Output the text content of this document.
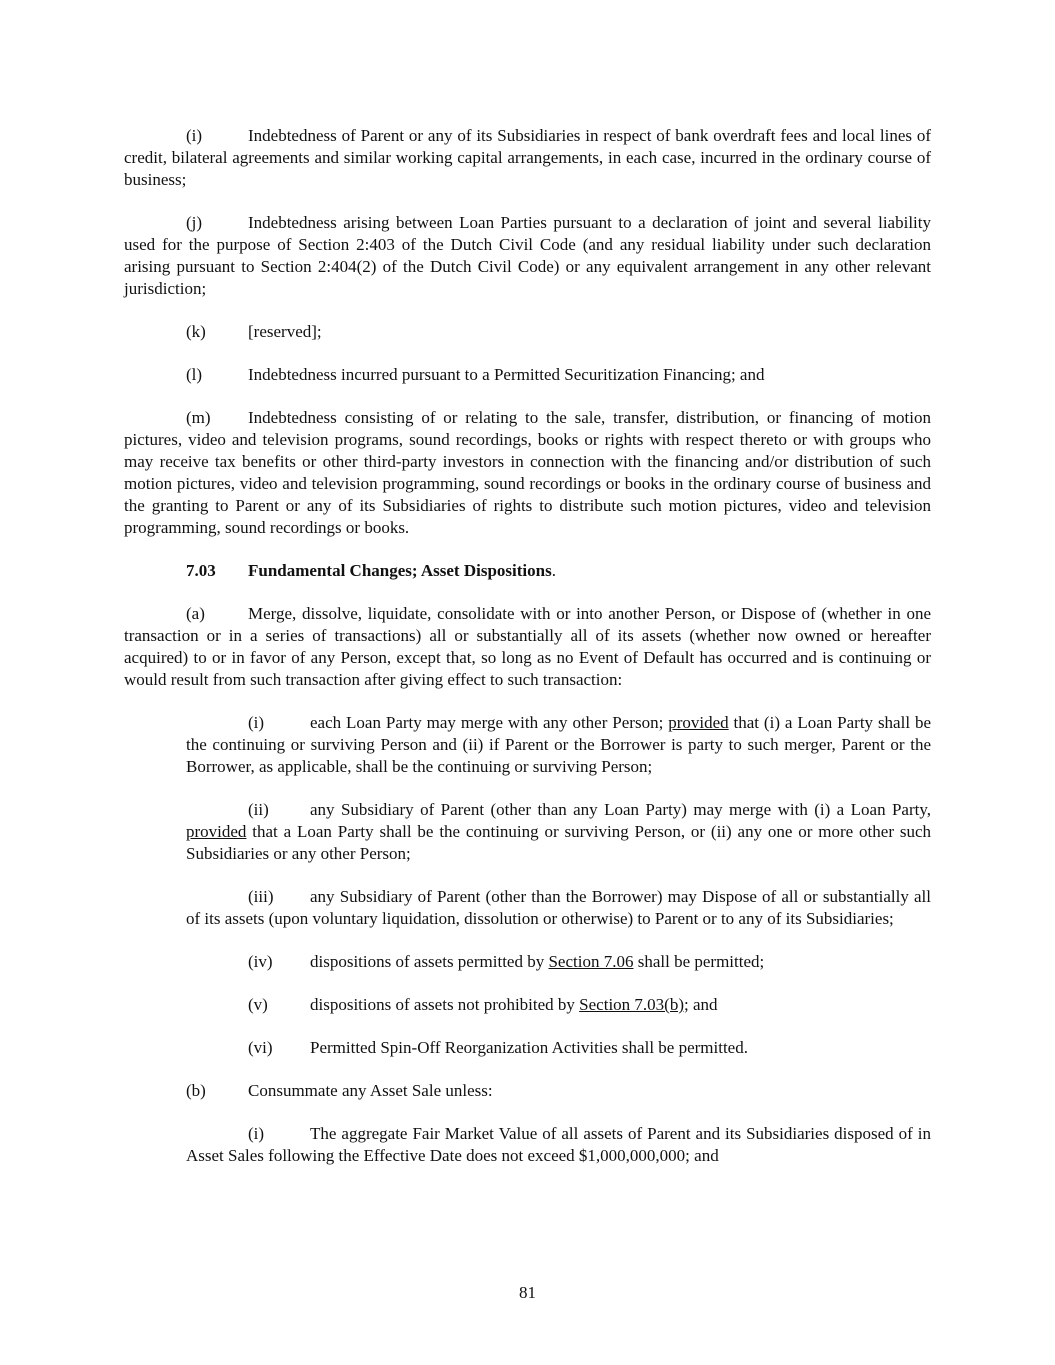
(i)	Indebtedness of Parent or any of its Subsidiaries in respect of bank overdraft fees and local lines of credit, bilateral agreements and similar working capital arrangements, in each case, incurred in the ordinary course of business;

(j)	Indebtedness arising between Loan Parties pursuant to a declaration of joint and several liability used for the purpose of Section 2:403 of the Dutch Civil Code (and any residual liability under such declaration arising pursuant to Section 2:404(2) of the Dutch Civil Code) or any equivalent arrangement in any other relevant jurisdiction;

(k) [reserved];

(l)	Indebtedness incurred pursuant to a Permitted Securitization Financing; and

(m) Indebtedness consisting of or relating to the sale, transfer, distribution, or financing of motion pictures, video and television programs, sound recordings, books or rights with respect thereto or with groups who may receive tax benefits or other third-party investors in connection with the financing and/or distribution of such motion pictures, video and television programming, sound recordings or books in the ordinary course of business and the granting to Parent or any of its Subsidiaries of rights to distribute such motion pictures, video and television programming, sound recordings or books.

7.03 Fundamental Changes; Asset Dispositions.

(a)	Merge, dissolve, liquidate, consolidate with or into another Person, or Dispose of (whether in one transaction or in a series of transactions) all or substantially all of its assets (whether now owned or hereafter acquired) to or in favor of any Person, except that, so long as no Event of Default has occurred and is continuing or would result from such transaction after giving effect to such transaction:

(i)	each Loan Party may merge with any other Person; provided that (i) a Loan Party shall be the continuing or surviving Person and (ii) if Parent or the Borrower is party to such merger, Parent or the Borrower, as applicable, shall be the continuing or surviving Person;

(ii) any Subsidiary of Parent (other than any Loan Party) may merge with (i) a Loan Party, provided that a Loan Party shall be the continuing or surviving Person, or (ii) any one or more other such Subsidiaries or any other Person;

(iii) any Subsidiary of Parent (other than the Borrower) may Dispose of all or substantially all of its assets (upon voluntary liquidation, dissolution or otherwise) to Parent or to any of its Subsidiaries;

(iv) dispositions of assets permitted by Section 7.06 shall be permitted;

(v) dispositions of assets not prohibited by Section 7.03(b); and

(vi) Permitted Spin-Off Reorganization Activities shall be permitted.

(b) Consummate any Asset Sale unless:

(i)	The aggregate Fair Market Value of all assets of Parent and its Subsidiaries disposed of in Asset Sales following the Effective Date does not exceed $1,000,000,000; and

81
